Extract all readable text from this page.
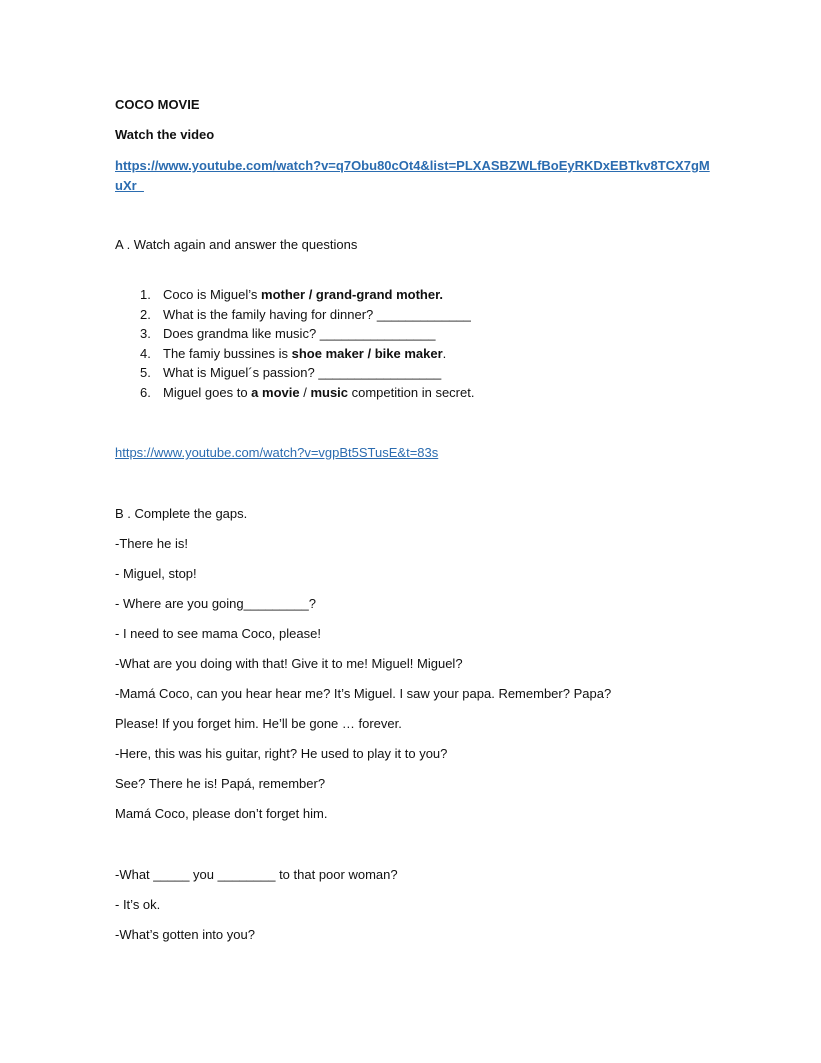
COCO MOVIE
Watch the video
https://www.youtube.com/watch?v=q7Obu80cOt4&list=PLXASBZWLfBoEyRKDxEBTkv8TCX7gM
uXr_
A . Watch again and answer the questions
1. Coco is Miguel’s mother / grand-grand mother.
2. What is the family having for dinner? _____________
3. Does grandma like music? ________________
4. The famiy bussines is shoe maker / bike maker.
5. What is Miguel´s passion? _________________
6. Miguel goes to a movie / music competition in secret.
https://www.youtube.com/watch?v=vgpBt5STusE&t=83s
B . Complete the gaps.
-There he is!
- Miguel, stop!
- Where are you going_________?
- I need to see mama Coco, please!
-What are you doing with that! Give it to me! Miguel! Miguel?
-Mamá Coco, can you hear hear me? It’s Miguel. I saw your papa. Remember? Papa?
Please! If you forget him. He’ll be gone … forever.
-Here, this was his guitar, right? He used to play it to you?
See? There he is! Papá, remember?
Mamá Coco, please don’t forget him.
-What _____ you ________ to that poor woman?
- It’s ok.
-What’s gotten into you?
